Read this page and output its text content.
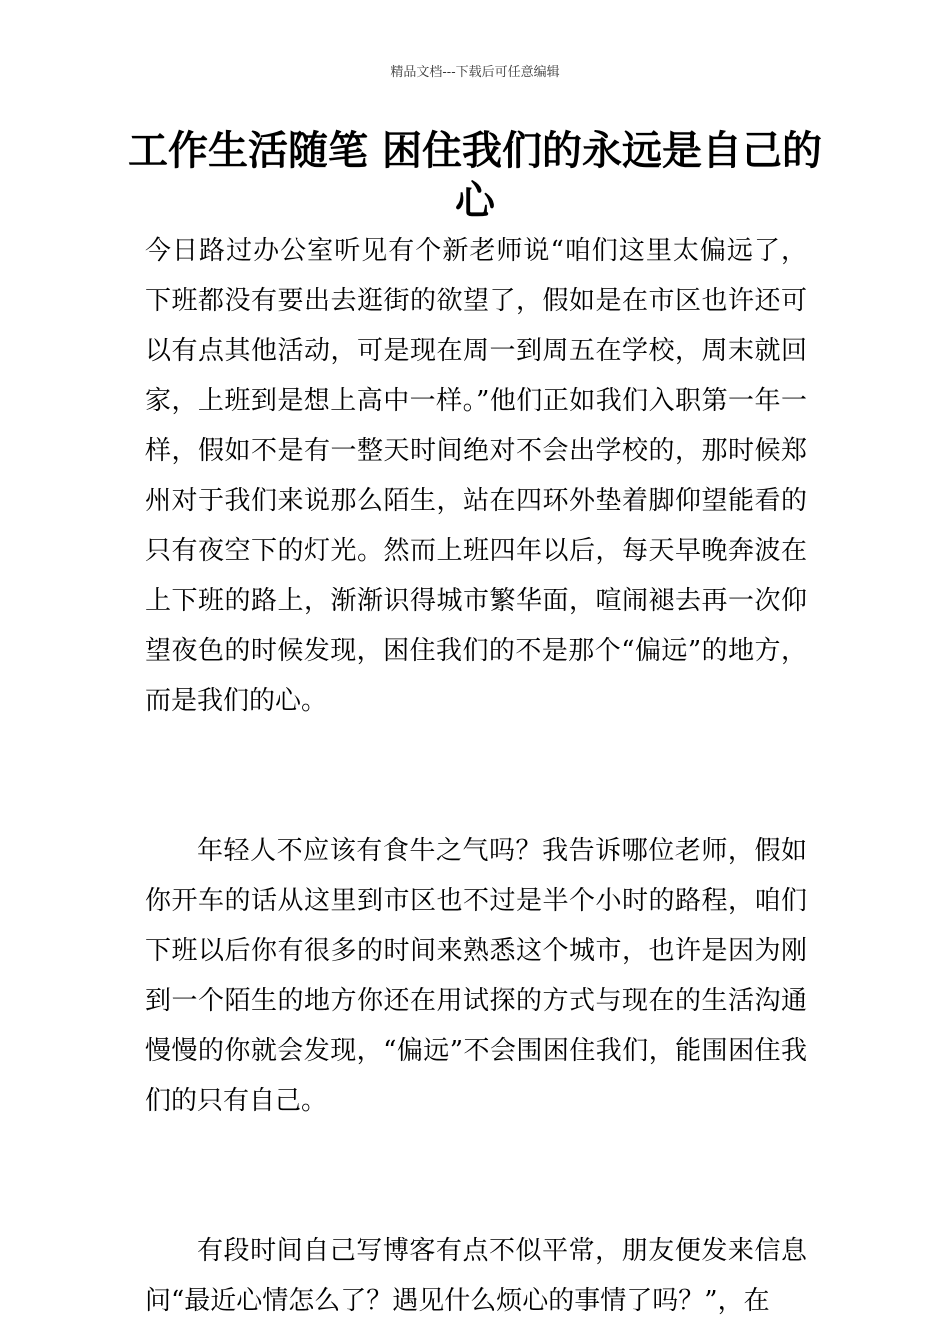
精品文档---下载后可任意编辑
工作生活随笔 困住我们的永远是自己的心

今日路过办公室听见有个新老师说“咱们这里太偏远了，下班都没有要出去逛街的欲望了，假如是在市区也许还可以有点其他活动，可是现在周一到周五在学校，周末就回家，上班到是想上高中一样。”他们正如我们入职第一年一样，假如不是有一整天时间绝对不会出学校的，那时候郑州对于我们来说那么陌生，站在四环外垫着脚仰望能看的只有夜空下的灯光。然而上班四年以后，每天早晚奔波在上下班的路上，渐渐识得城市繁华面，喧闹褪去再一次仰望夜色的时候发现，困住我们的不是那个“偏远”的地方，而是我们的心。

年轻人不应该有食牛之气吗？我告诉哪位老师，假如你开车的话从这里到市区也不过是半个小时的路程，咱们下班以后你有很多的时间来熟悉这个城市，也许是因为刚到一个陌生的地方你还在用试探的方式与现在的生活沟通慢慢的你就会发现，“偏远”不会围困住我们，能围困住我们的只有自己。

有段时间自己写博客有点不似平常，朋友便发来信息问“最近心情怎么了？遇见什么烦心的事情了吗？”，在
